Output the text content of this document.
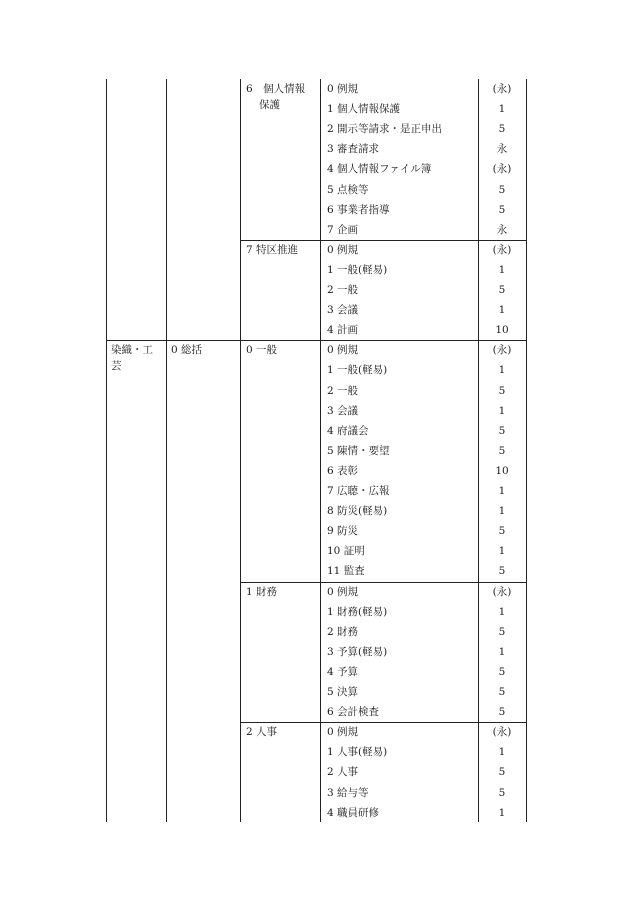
6　個人情報
保護
0 例規	(永)
1 個人情報保護	1
2 開示等請求・是正申出	5
3 審査請求	永
4 個人情報ファイル簿	(永)
5 点検等	5
6 事業者指導	5
7 企画	永
7 特区推進	0 例規	(永)
1 一般(軽易)	1
2 一般	5
3 会議	1
4 計画	10
染織・工
芸
0 総括	0 一般	0 例規	(永)
1 一般(軽易)	1
2 一般	5
3 会議	1
4 府議会	5
5 陳情・要望	5
6 表彰	10
7 広聴・広報	1
8 防災(軽易)	1
9 防災	5
10 証明	1
11 監査	5
1 財務	0 例規	(永)
1 財務(軽易)	1
2 財務	5
3 予算(軽易)	1
4 予算	5
5 決算	5
6 会計検査	5
2 人事	0 例規	(永)
1 人事(軽易)	1
2 人事	5
3 給与等	5
4 職員研修	1
